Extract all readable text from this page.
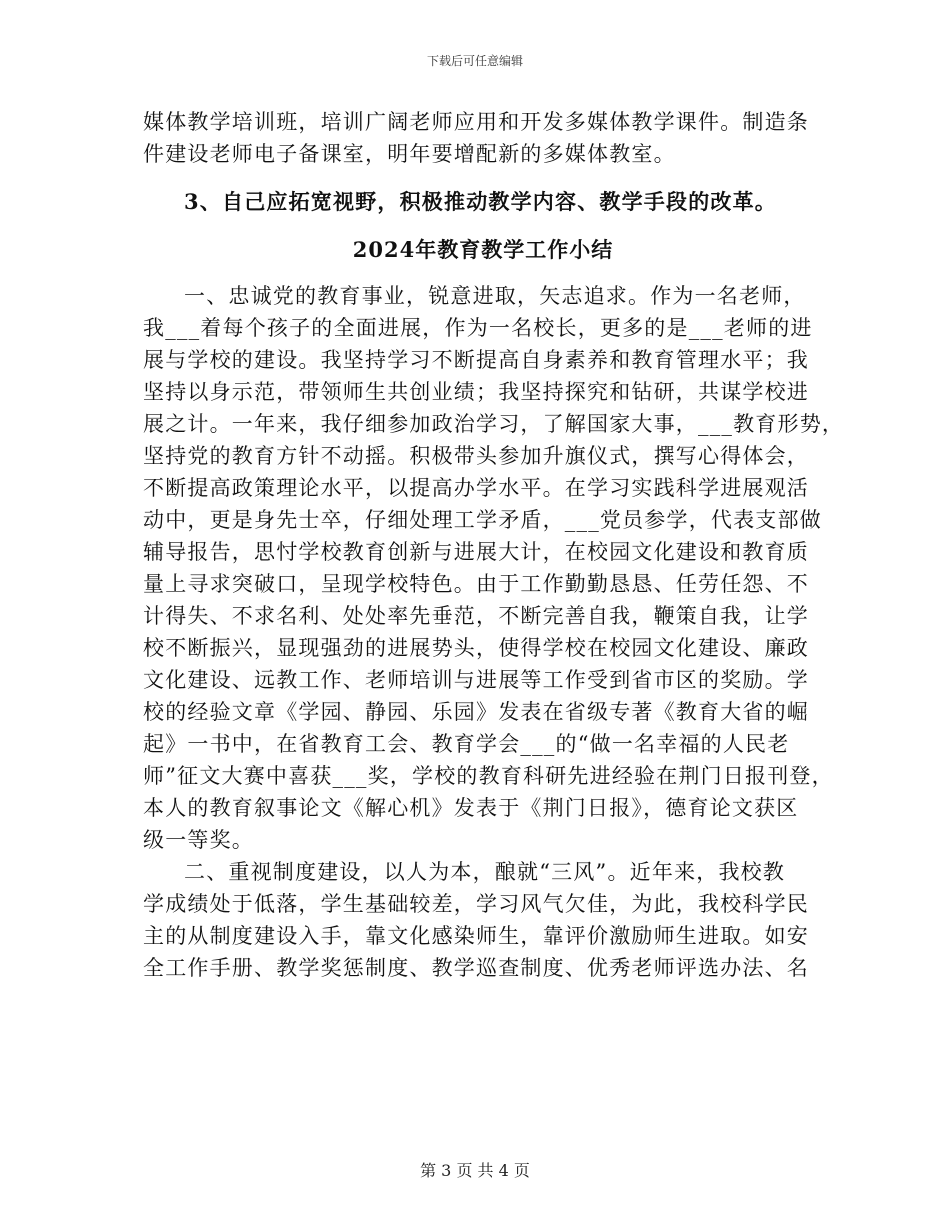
下载后可任意编辑
媒体教学培训班，培训广阔老师应用和开发多媒体教学课件。制造条
件建设老师电子备课室，明年要增配新的多媒体教室。
3、自己应拓宽视野，积极推动教学内容、教学手段的改革。
2024年教育教学工作小结
一、忠诚党的教育事业，锐意进取，矢志追求。作为一名老师，
我___着每个孩子的全面进展，作为一名校长，更多的是___老师的进
展与学校的建设。我坚持学习不断提高自身素养和教育管理水平；我
坚持以身示范，带领师生共创业绩；我坚持探究和钻研，共谋学校进
展之计。一年来，我仔细参加政治学习，了解国家大事，___教育形势，
坚持党的教育方针不动摇。积极带头参加升旗仪式，撰写心得体会，
不断提高政策理论水平，以提高办学水平。在学习实践科学进展观活
动中，更是身先士卒，仔细处理工学矛盾，___党员参学，代表支部做
辅导报告，思忖学校教育创新与进展大计，在校园文化建设和教育质
量上寻求突破口，呈现学校特色。由于工作勤勤恳恳、任劳任怨、不
计得失、不求名利、处处率先垂范，不断完善自我，鞭策自我，让学
校不断振兴，显现强劲的进展势头，使得学校在校园文化建设、廉政
文化建设、远教工作、老师培训与进展等工作受到省市区的奖励。学
校的经验文章《学园、静园、乐园》发表在省级专著《教育大省的崛
起》一书中，在省教育工会、教育学会___的“做一名幸福的人民老
师”征文大赛中喜获___奖，学校的教育科研先进经验在荆门日报刊登，
本人的教育叙事论文《解心机》发表于《荆门日报》，德育论文获区
级一等奖。
二、重视制度建设，以人为本，酿就“三风”。近年来，我校教
学成绩处于低落，学生基础较差，学习风气欠佳，为此，我校科学民
主的从制度建设入手，靠文化感染师生，靠评价激励师生进取。如安
全工作手册、教学奖惩制度、教学巡查制度、优秀老师评选办法、名
第 3 页 共 4 页
